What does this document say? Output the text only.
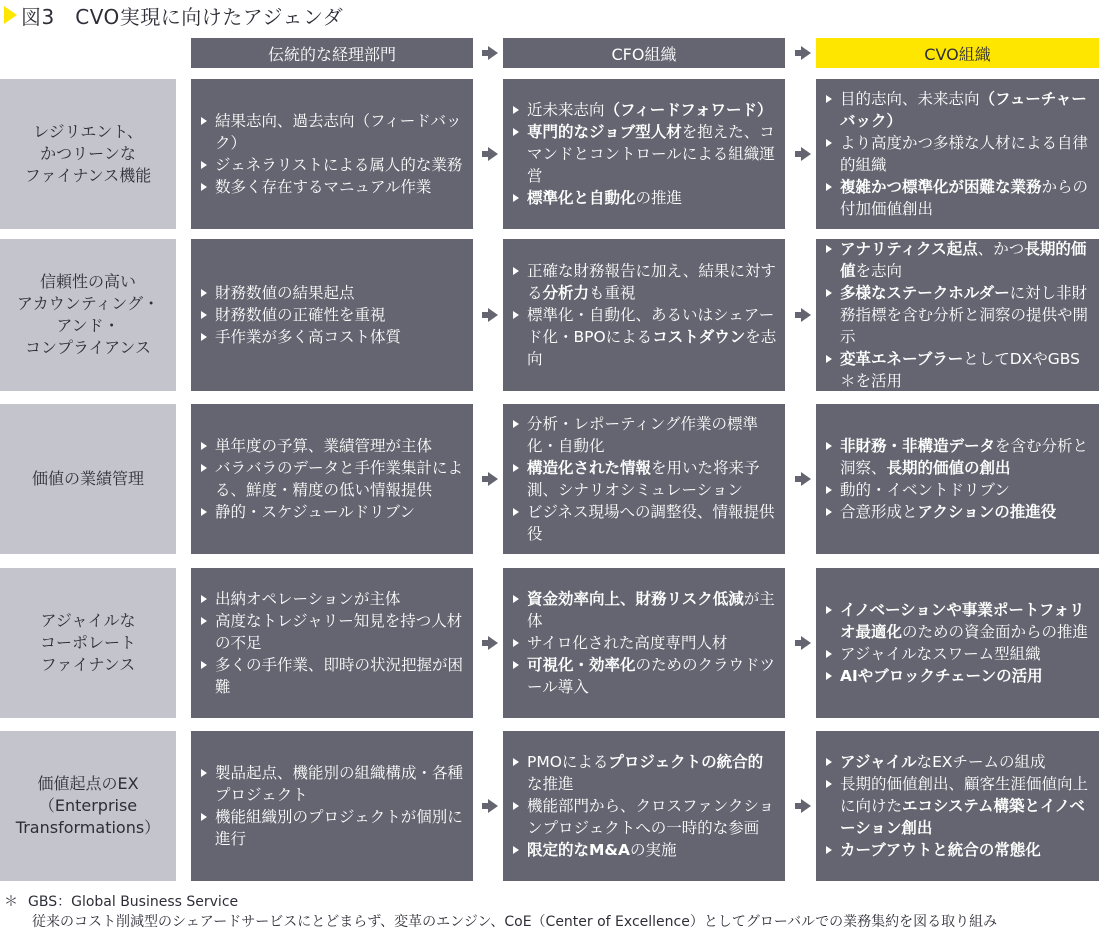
図3　CVO実現に向けたアジェンダ
伝統的な経理部門	CFO組織	CVO組織
レジリエント、
かつリーンな
ファイナンス機能
結果志向、過去志向（フィードバック）
ジェネラリストによる属人的な業務
数多く存在するマニュアル作業
近未来志向（フィードフォワード）
専門的なジョブ型人材を抱えた、コマンドとコントロールによる組織運営
標準化と自動化の推進
目的志向、未来志向（フューチャーバック）
より高度かつ多様な人材による自律的組織
複雑かつ標準化が困難な業務からの付加価値創出
信頼性の高い
アカウンティング・
アンド・
コンプライアンス
財務数値の結果起点
財務数値の正確性を重視
手作業が多く高コスト体質
正確な財務報告に加え、結果に対する分析力も重視
標準化・自動化、あるいはシェアード化・BPOによるコストダウンを志向
アナリティクス起点、かつ長期的価値を志向
多様なステークホルダーに対し非財務指標を含む分析と洞察の提供や開示
変革エネーブラーとしてDXやGBS＊を活用
価値の業績管理
単年度の予算、業績管理が主体
バラバラのデータと手作業集計による、鮮度・精度の低い情報提供
静的・スケジュールドリブン
分析・レポーティング作業の標準化・自動化
構造化された情報を用いた将来予測、シナリオシミュレーション
ビジネス現場への調整役、情報提供役
非財務・非構造データを含む分析と洞察、長期的価値の創出
動的・イベントドリブン
合意形成とアクションの推進役
アジャイルな
コーポレート
ファイナンス
出納オペレーションが主体
高度なトレジャリー知見を持つ人材の不足
多くの手作業、即時の状況把握が困難
資金効率向上、財務リスク低減が主体
サイロ化された高度専門人材
可視化・効率化のためのクラウドツール導入
イノベーションや事業ポートフォリオ最適化のための資金面からの推進
アジャイルなスワーム型組織
AIやブロックチェーンの活用
価値起点のEX
（Enterprise
Transformations）
製品起点、機能別の組織構成・各種プロジェクト
機能組織別のプロジェクトが個別に進行
PMOによるプロジェクトの統合的な推進
機能部門から、クロスファンクションプロジェクトへの一時的な参画
限定的なM&Aの実施
アジャイルなEXチームの組成
長期的価値創出、顧客生涯価値向上に向けたエコシステム構築とイノベーション創出
カーブアウトと統合の常態化
＊ GBS：Global Business Service
従来のコスト削減型のシェアードサービスにとどまらず、変革のエンジン、CoE（Center of Excellence）としてグローバルでの業務集約を図る取り組み
